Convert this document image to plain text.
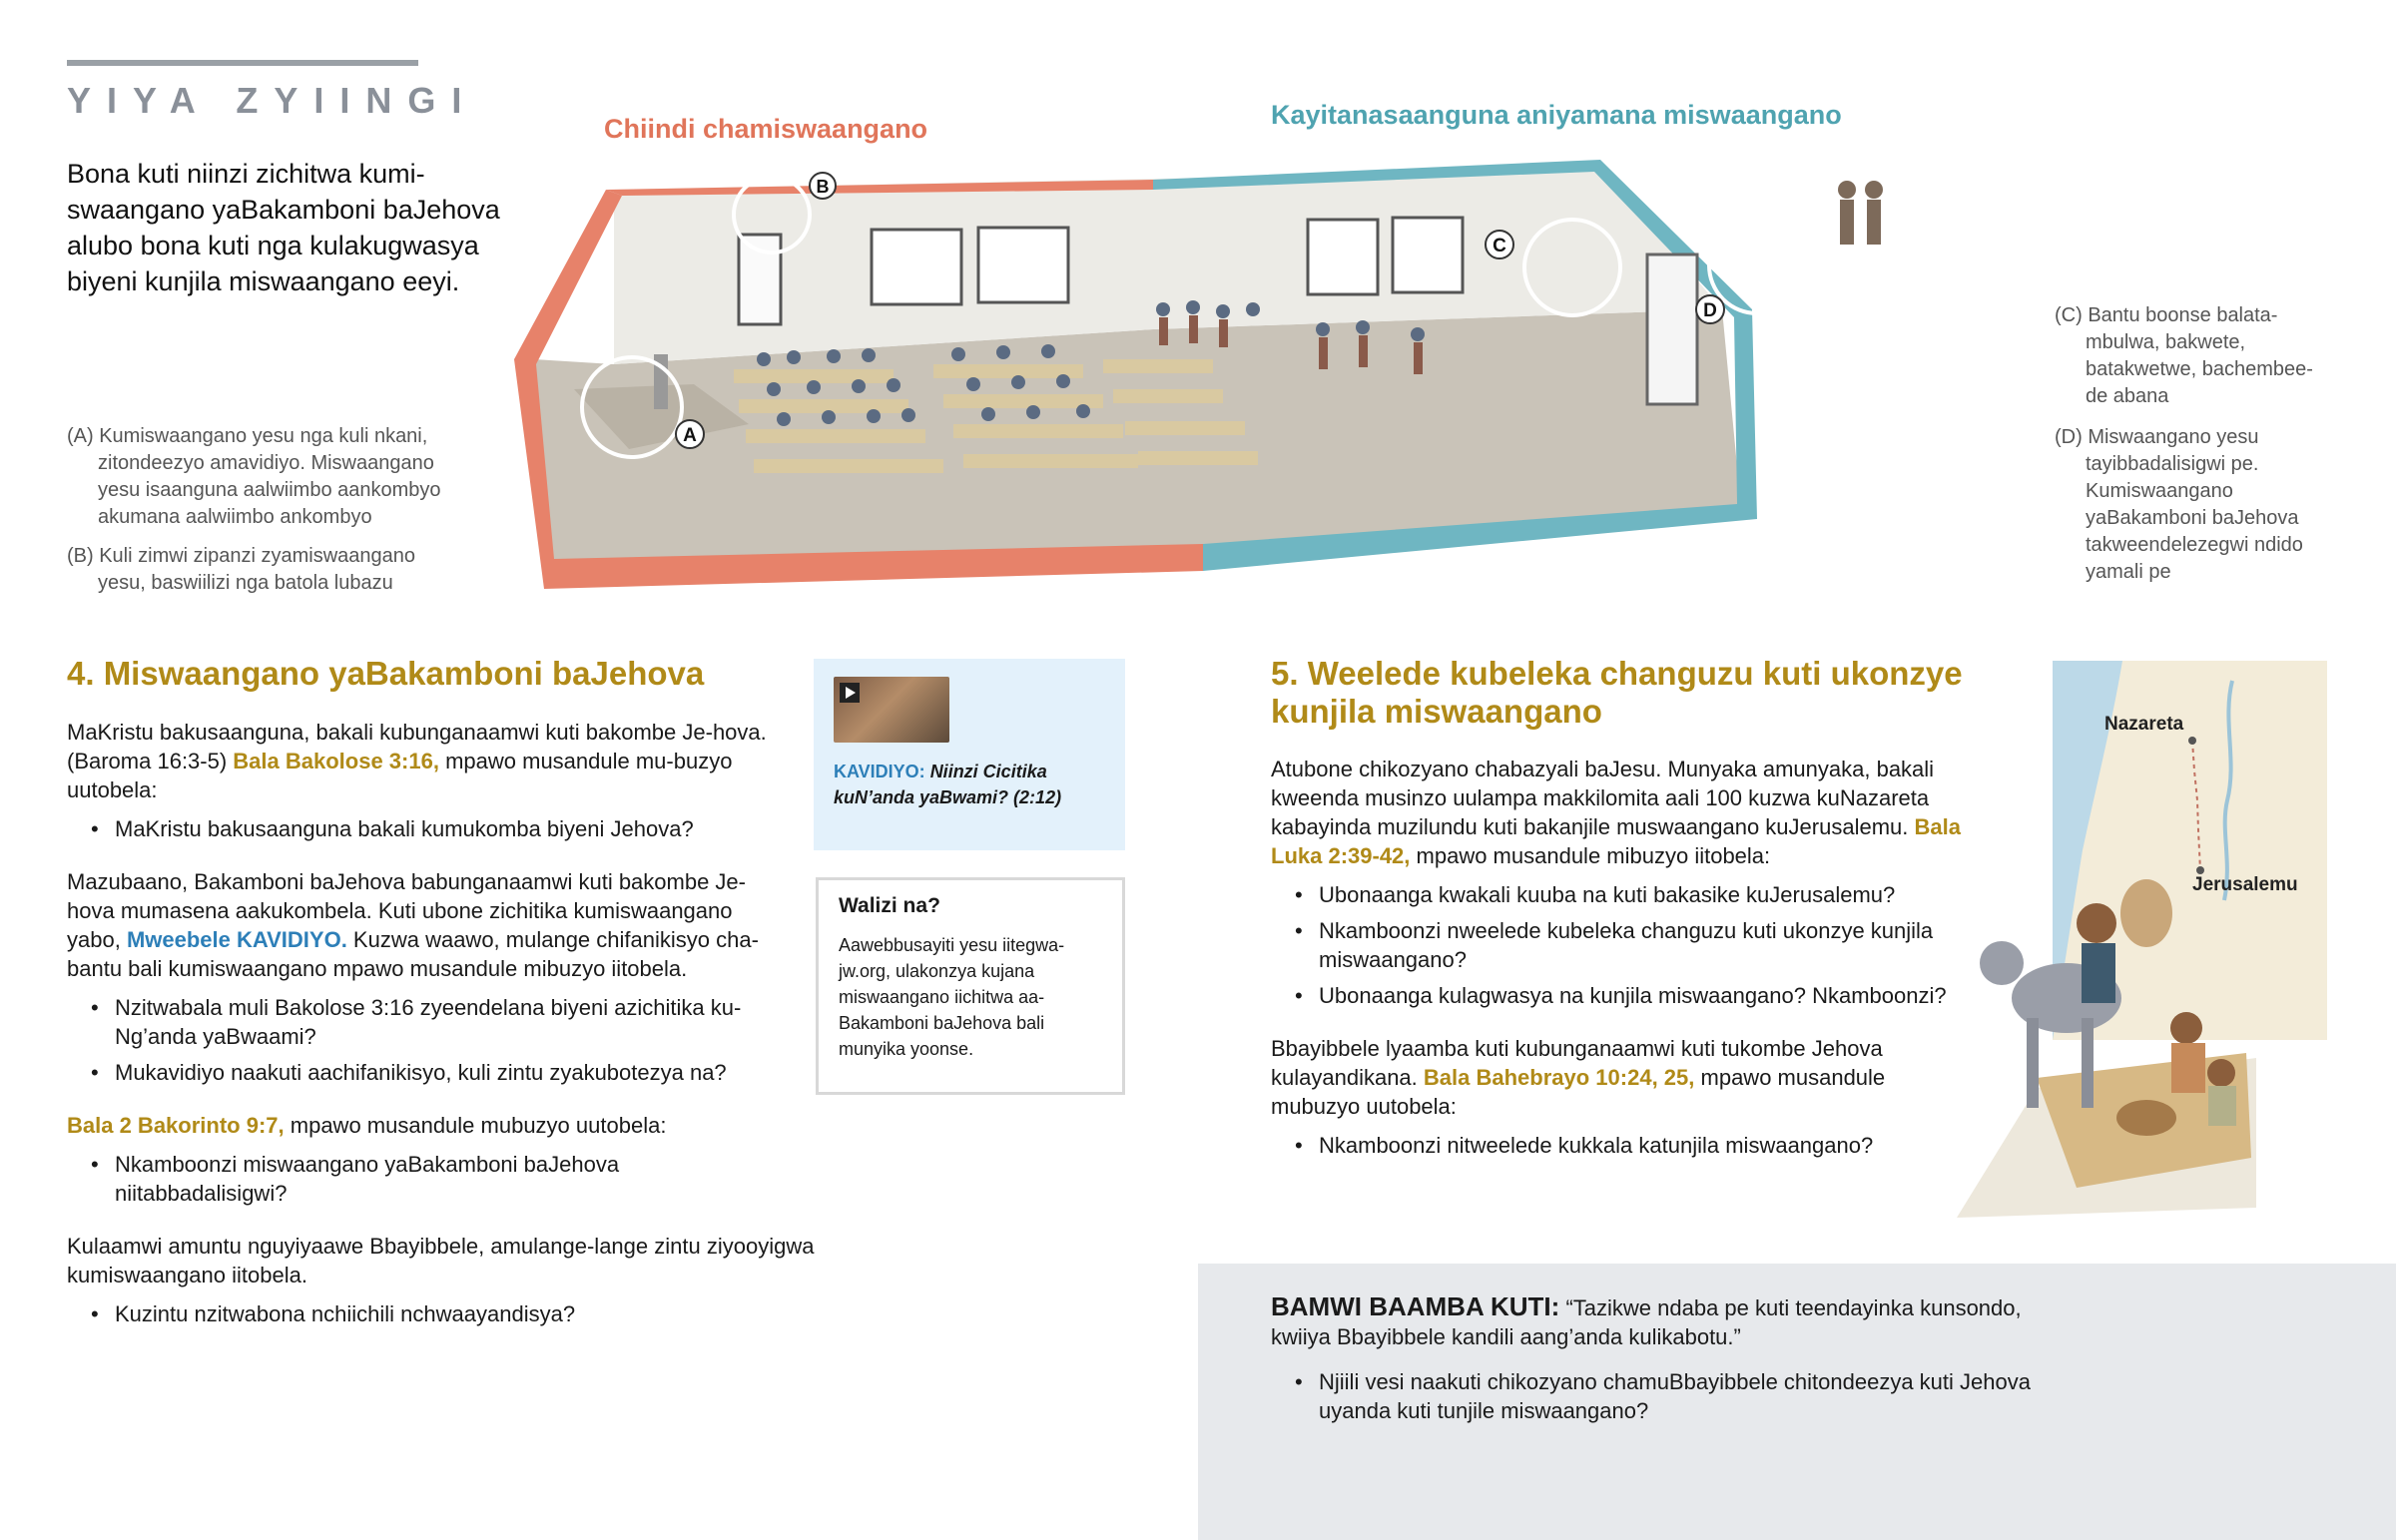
YIYA ZYIINGI
Bona kuti niinzi zichitwa kumi-swaangano yaBakamboni baJehova alubo bona kuti nga kulakugwasya biyeni kunjila miswaangano eeyi.
Chiindi chamiswaangano	Kayitanasaanguna aniyamana miswaangano
(A) Kumiswaangano yesu nga kuli nkani, zitondeezyo amavidiyo. Miswaangano yesu isaanguna aalwiimbo aankombyo akumana aalwiimbo ankombyo
(B) Kuli zimwi zipanzi zyamiswaangano yesu, baswiilizi nga batola lubazu
(C) Bantu boonse balata-mbulwa, bakwete, batakwetwe, bachembee-de abana
(D) Miswaangano yesu tayibbadalisigwi pe. Kumiswaangano yaBakamboni baJehova takweendelezegwi ndido yamali pe
A
B
C
D
4. Miswaangano yaBakamboni baJehova
MaKristu bakusaanguna, bakali kubunganaamwi kuti bakombe Je-hova. (Baroma 16:3-5) Bala Bakolose 3:16, mpawo musandule mu-buzyo uutobela:
• MaKristu bakusaanguna bakali kumukomba biyeni Jehova?
Mazubaano, Bakamboni baJehova babunganaamwi kuti bakombe Je-hova mumasena aakukombela. Kuti ubone zichitika kumiswaangano yabo, Mweebele KAVIDIYO. Kuzwa waawo, mulange chifanikisyo cha-bantu bali kumiswaangano mpawo musandule mibuzyo iitobela.
• Nzitwabala muli Bakolose 3:16 zyeendelana biyeni azichitika ku-Ng’anda yaBwaami?
• Mukavidiyo naakuti aachifanikisyo, kuli zintu zyakubotezya na?
Bala 2 Bakorinto 9:7, mpawo musandule mubuzyo uutobela:
• Nkamboonzi miswaangano yaBakamboni baJehova niitabbadalisigwi?
Kulaamwi amuntu nguyiyaawe Bbayibbele, amulange-lange zintu ziyooyigwa kumiswaangano iitobela.
• Kuzintu nzitwabona nchiichili nchwaayandisya?
KAVIDIYO: Niinzi Cicitika kuN’anda yaBwami? (2:12)
Walizi na?

Aawebbusayiti yesu iitegwa-jw.org, ulakonzya kujana miswaangano iichitwa aa-Bakamboni baJehova bali munyika yoonse.

5. Weelede kubeleka changuzu kuti ukonzye kunjila miswaangano
Atubone chikozyano chabazyali baJesu. Munyaka amunyaka, bakali kweenda musinzo uulampa makkilomita aali 100 kuzwa kuNazareta kabayinda muzilundu kuti bakanjile muswaangano kuJerusalemu. Bala Luka 2:39-42, mpawo musandule mibuzyo iitobela:
• Ubonaanga kwakali kuuba na kuti bakasike kuJerusalemu?
• Nkamboonzi nweelede kubeleka changuzu kuti ukonzye kunjila miswaangano?
• Ubonaanga kulagwasya na kunjila miswaangano? Nkamboonzi?
Bbayibbele lyaamba kuti kubunganaamwi kuti tukombe Jehova kulayandikana. Bala Bahebrayo 10:24, 25, mpawo musandule mubuzyo uutobela:
• Nkamboonzi nitweelede kukkala katunjila miswaangano?
Nazareta
Jerusalemu
BAMWI BAAMBA KUTI: “Tazikwe ndaba pe kuti teendayinka kunsondo, kwiiya Bbayibbele kandili aang’anda kulikabotu.”
• Njiili vesi naakuti chikozyano chamuBbayibbele chitondeezya kuti Jehova uyanda kuti tunjile miswaangano?
